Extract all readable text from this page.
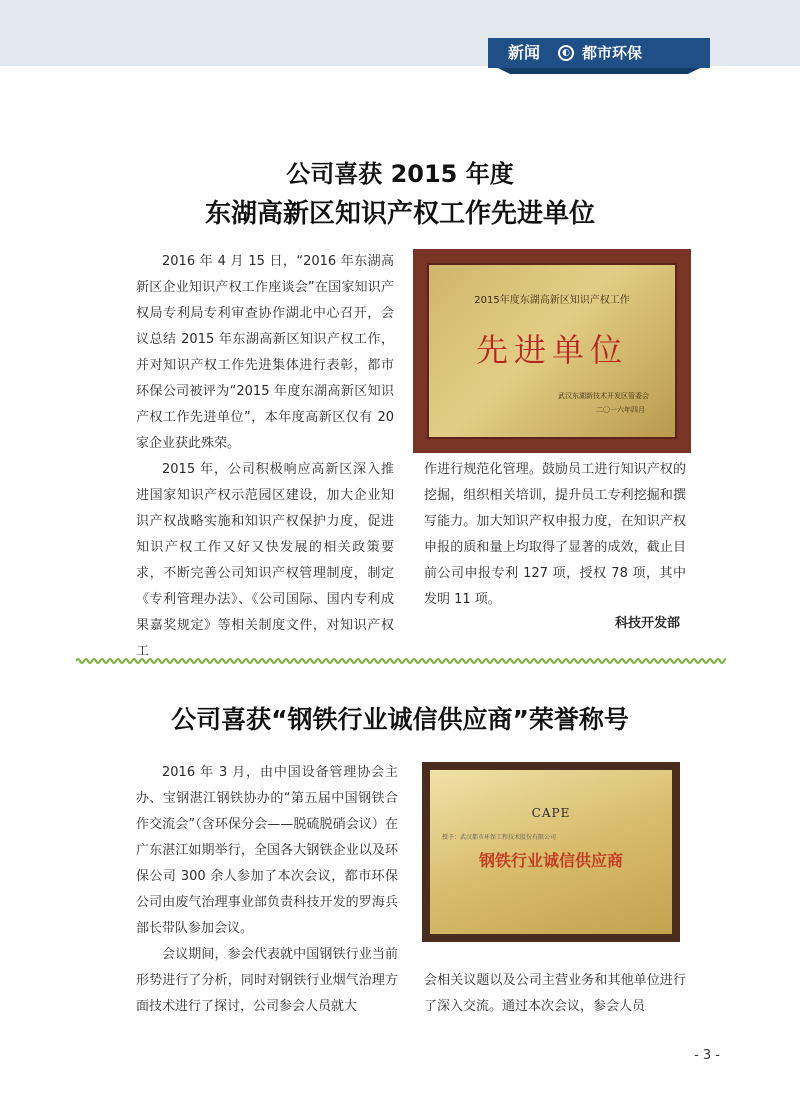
新闻	◐ 都市环保
公司喜获 2015 年度
东湖高新区知识产权工作先进单位

2016 年 4 月 15 日，“2016 年东湖高新区企业知识产权工作座谈会”在国家知识产权局专利局专利审查协作湖北中心召开，会议总结 2015 年东湖高新区知识产权工作，并对知识产权工作先进集体进行表彰，都市环保公司被评为“2015 年度东湖高新区知识产权工作先进单位”，本年度高新区仅有 20 家企业获此殊荣。

2015 年，公司积极响应高新区深入推进国家知识产权示范园区建设，加大企业知识产权战略实施和知识产权保护力度，促进知识产权工作又好又快发展的相关政策要求，不断完善公司知识产权管理制度，制定《专利管理办法》、《公司国际、国内专利成果嘉奖规定》等相关制度文件，对知识产权工

作进行规范化管理。鼓励员工进行知识产权的挖掘，组织相关培训，提升员工专利挖掘和撰写能力。加大知识产权申报力度，在知识产权申报的质和量上均取得了显著的成效，截止目前公司申报专利 127 项，授权 78 项，其中发明 11 项。

2015年度东湖高新区知识产权工作
先进单位
武汉东湖新技术开发区管委会
二〇一六年四月
科技开发部
公司喜获“钢铁行业诚信供应商”荣誉称号

2016 年 3 月，由中国设备管理协会主办、宝钢湛江钢铁协办的“第五届中国钢铁合作交流会”（含环保分会——脱硫脱硝会议）在广东湛江如期举行，全国各大钢铁企业以及环保公司 300 余人参加了本次会议，都市环保公司由废气治理事业部负责科技开发的罗海兵部长带队参加会议。

会议期间，参会代表就中国钢铁行业当前形势进行了分析，同时对钢铁行业烟气治理方面技术进行了探讨，公司参会人员就大

会相关议题以及公司主营业务和其他单位进行了深入交流。通过本次会议，参会人员

CAPE
授予：武汉都市环保工程技术股份有限公司
钢铁行业诚信供应商
- 3 -
